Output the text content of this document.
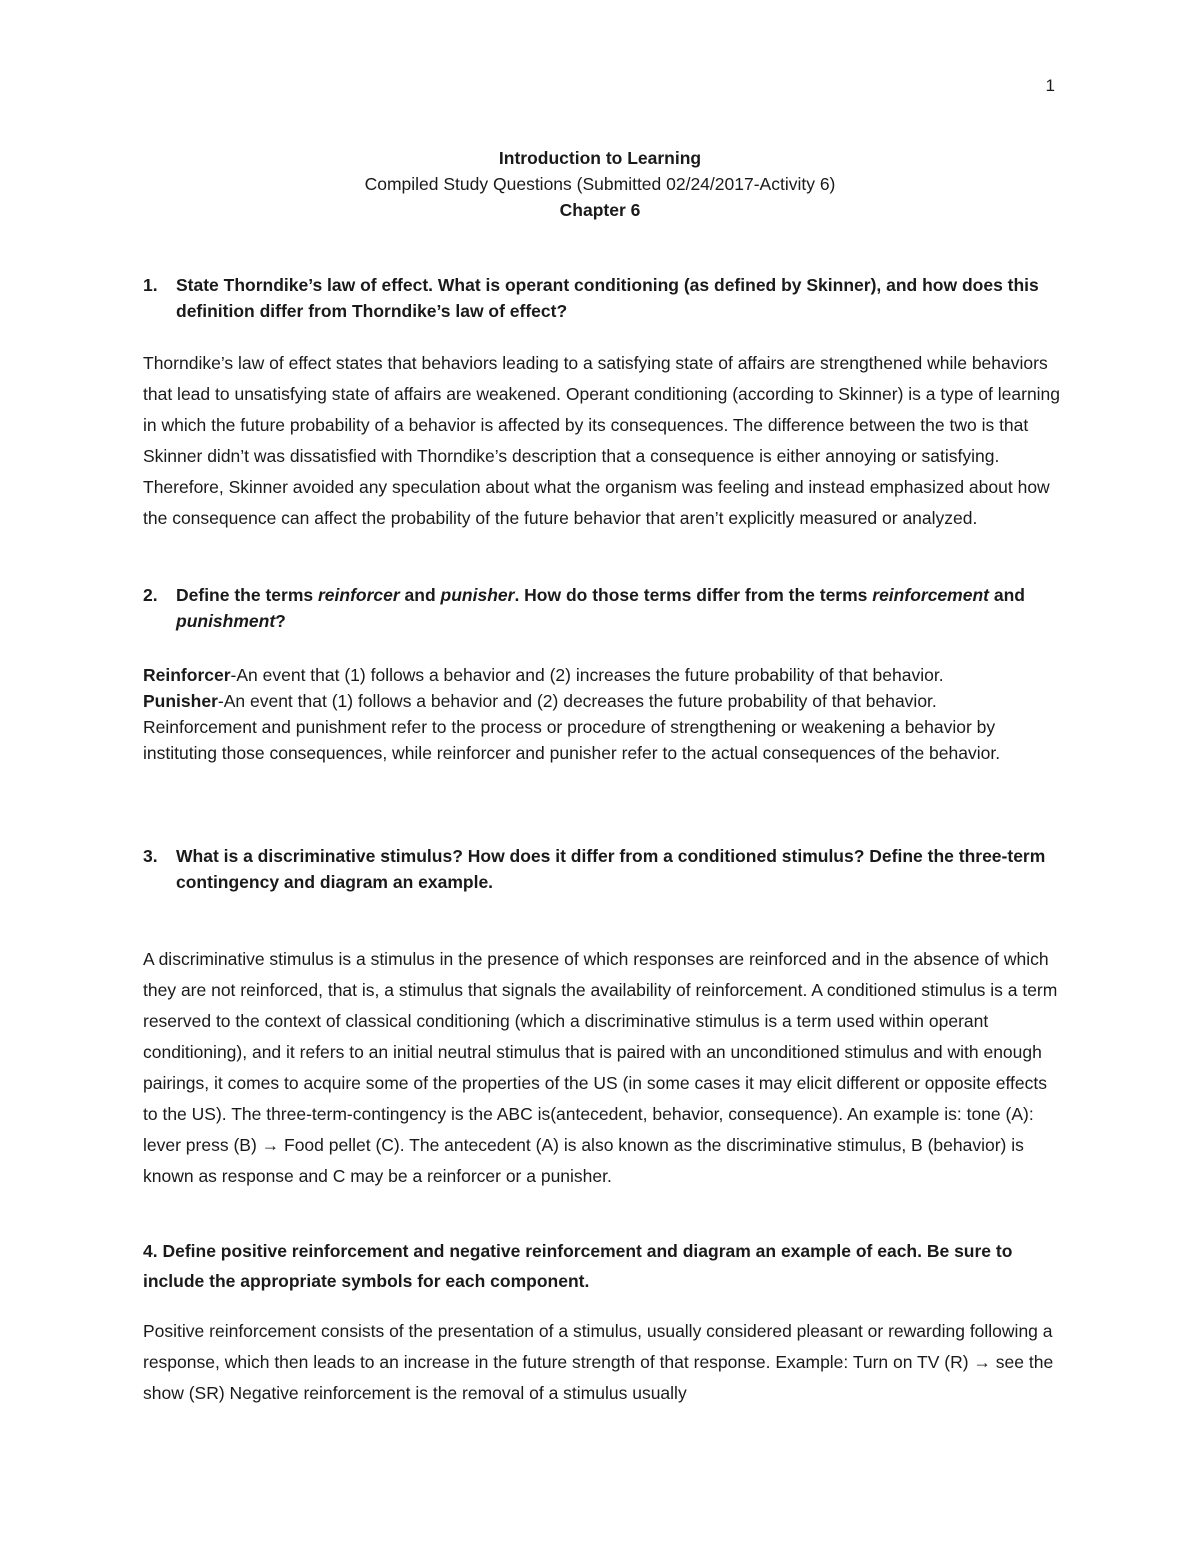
1
Introduction to Learning
Compiled Study Questions (Submitted 02/24/2017-Activity 6)
Chapter 6
1. State Thorndike’s law of effect. What is operant conditioning (as defined by Skinner), and how does this definition differ from Thorndike’s law of effect?

Thorndike’s law of effect states that behaviors leading to a satisfying state of affairs are strengthened while behaviors that lead to unsatisfying state of affairs are weakened. Operant conditioning (according to Skinner) is a type of learning in which the future probability of a behavior is affected by its consequences. The difference between the two is that Skinner didn’t was dissatisfied with Thorndike’s description that a consequence is either annoying or satisfying. Therefore, Skinner avoided any speculation about what the organism was feeling and instead emphasized about how the consequence can affect the probability of the future behavior that aren’t explicitly measured or analyzed.

2. Define the terms reinforcer and punisher. How do those terms differ from the terms reinforcement and punishment?

Reinforcer-An event that (1) follows a behavior and (2) increases the future probability of that behavior.

Punisher-An event that (1) follows a behavior and (2) decreases the future probability of that behavior.

Reinforcement and punishment refer to the process or procedure of strengthening or weakening a behavior by instituting those consequences, while reinforcer and punisher refer to the actual consequences of the behavior.

3. What is a discriminative stimulus? How does it differ from a conditioned stimulus? Define the three-term contingency and diagram an example.

A discriminative stimulus is a stimulus in the presence of which responses are reinforced and in the absence of which they are not reinforced, that is, a stimulus that signals the availability of reinforcement. A conditioned stimulus is a term reserved to the context of classical conditioning (which a discriminative stimulus is a term used within operant conditioning), and it refers to an initial neutral stimulus that is paired with an unconditioned stimulus and with enough pairings, it comes to acquire some of the properties of the US (in some cases it may elicit different or opposite effects to the US). The three-term-contingency is the ABC is(antecedent, behavior, consequence). An example is: tone (A): lever press (B) → Food pellet (C). The antecedent (A) is also known as the discriminative stimulus, B (behavior) is known as response and C may be a reinforcer or a punisher.

4. Define positive reinforcement and negative reinforcement and diagram an example of each. Be sure to include the appropriate symbols for each component.

Positive reinforcement consists of the presentation of a stimulus, usually considered pleasant or rewarding following a response, which then leads to an increase in the future strength of that response. Example: Turn on TV (R) → see the show (SR) Negative reinforcement is the removal of a stimulus usually
